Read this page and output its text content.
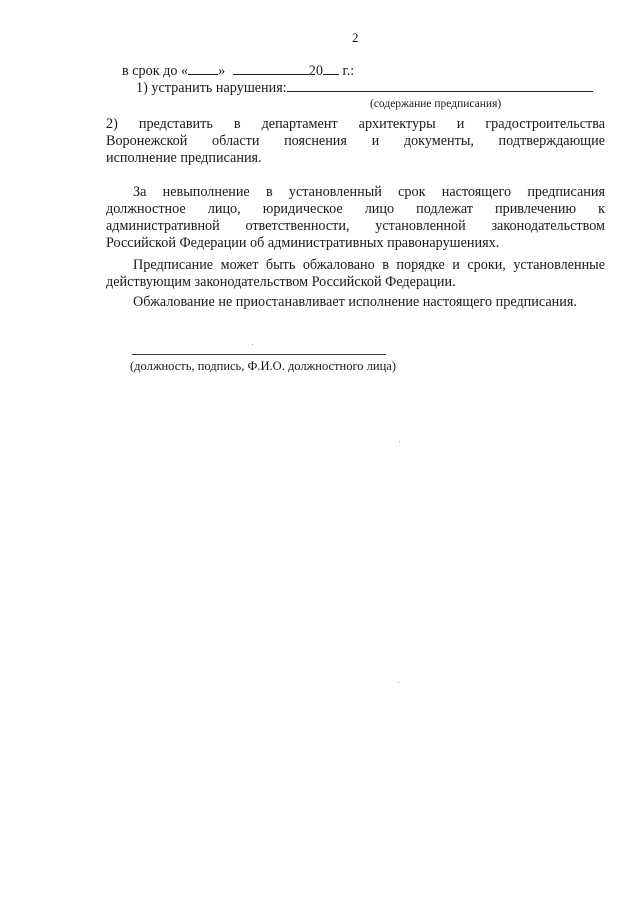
2
в срок до « »	20 г.:
1) устранить нарушения:
(содержание предписания)
2) представить в департамент архитектуры и градостроительства
Воронежской области пояснения и документы, подтверждающие
исполнение предписания.
За невыполнение в установленный срок настоящего предписания
должностное лицо, юридическое лицо подлежат привлечению к
административной ответственности, установленной законодательством
Российской Федерации об административных правонарушениях.
Предписание может быть обжаловано в порядке и сроки, установленные
действующим законодательством Российской Федерации.
Обжалование не приостанавливает исполнение настоящего предписания.
(должность, подпись, Ф.И.О. должностного лица)
